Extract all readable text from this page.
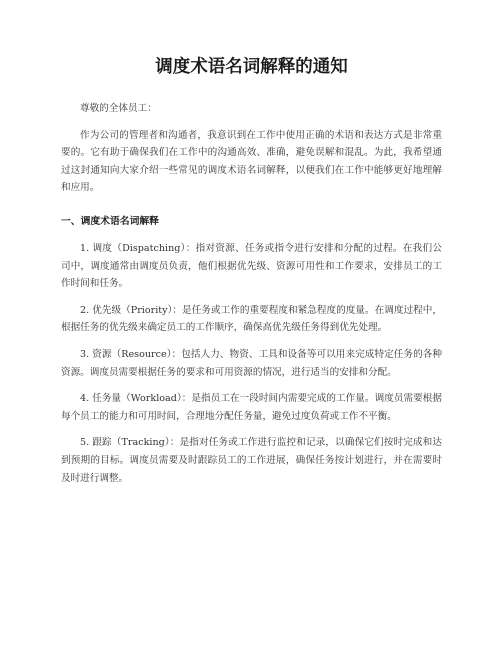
调度术语名词解释的通知

尊敬的全体员工：

作为公司的管理者和沟通者，我意识到在工作中使用正确的术语和表达方式是非常重要的。它有助于确保我们在工作中的沟通高效、准确，避免误解和混乱。为此，我希望通过这封通知向大家介绍一些常见的调度术语名词解释，以便我们在工作中能够更好地理解和应用。

一、调度术语名词解释

1. 调度（Dispatching）：指对资源、任务或指令进行安排和分配的过程。在我们公司中，调度通常由调度员负责，他们根据优先级、资源可用性和工作要求，安排员工的工作时间和任务。

2. 优先级（Priority）：是任务或工作的重要程度和紧急程度的度量。在调度过程中，根据任务的优先级来确定员工的工作顺序，确保高优先级任务得到优先处理。

3. 资源（Resource）：包括人力、物资、工具和设备等可以用来完成特定任务的各种资源。调度员需要根据任务的要求和可用资源的情况，进行适当的安排和分配。

4. 任务量（Workload）：是指员工在一段时间内需要完成的工作量。调度员需要根据每个员工的能力和可用时间，合理地分配任务量，避免过度负荷或工作不平衡。

5. 跟踪（Tracking）：是指对任务或工作进行监控和记录，以确保它们按时完成和达到预期的目标。调度员需要及时跟踪员工的工作进展，确保任务按计划进行，并在需要时及时进行调整。
